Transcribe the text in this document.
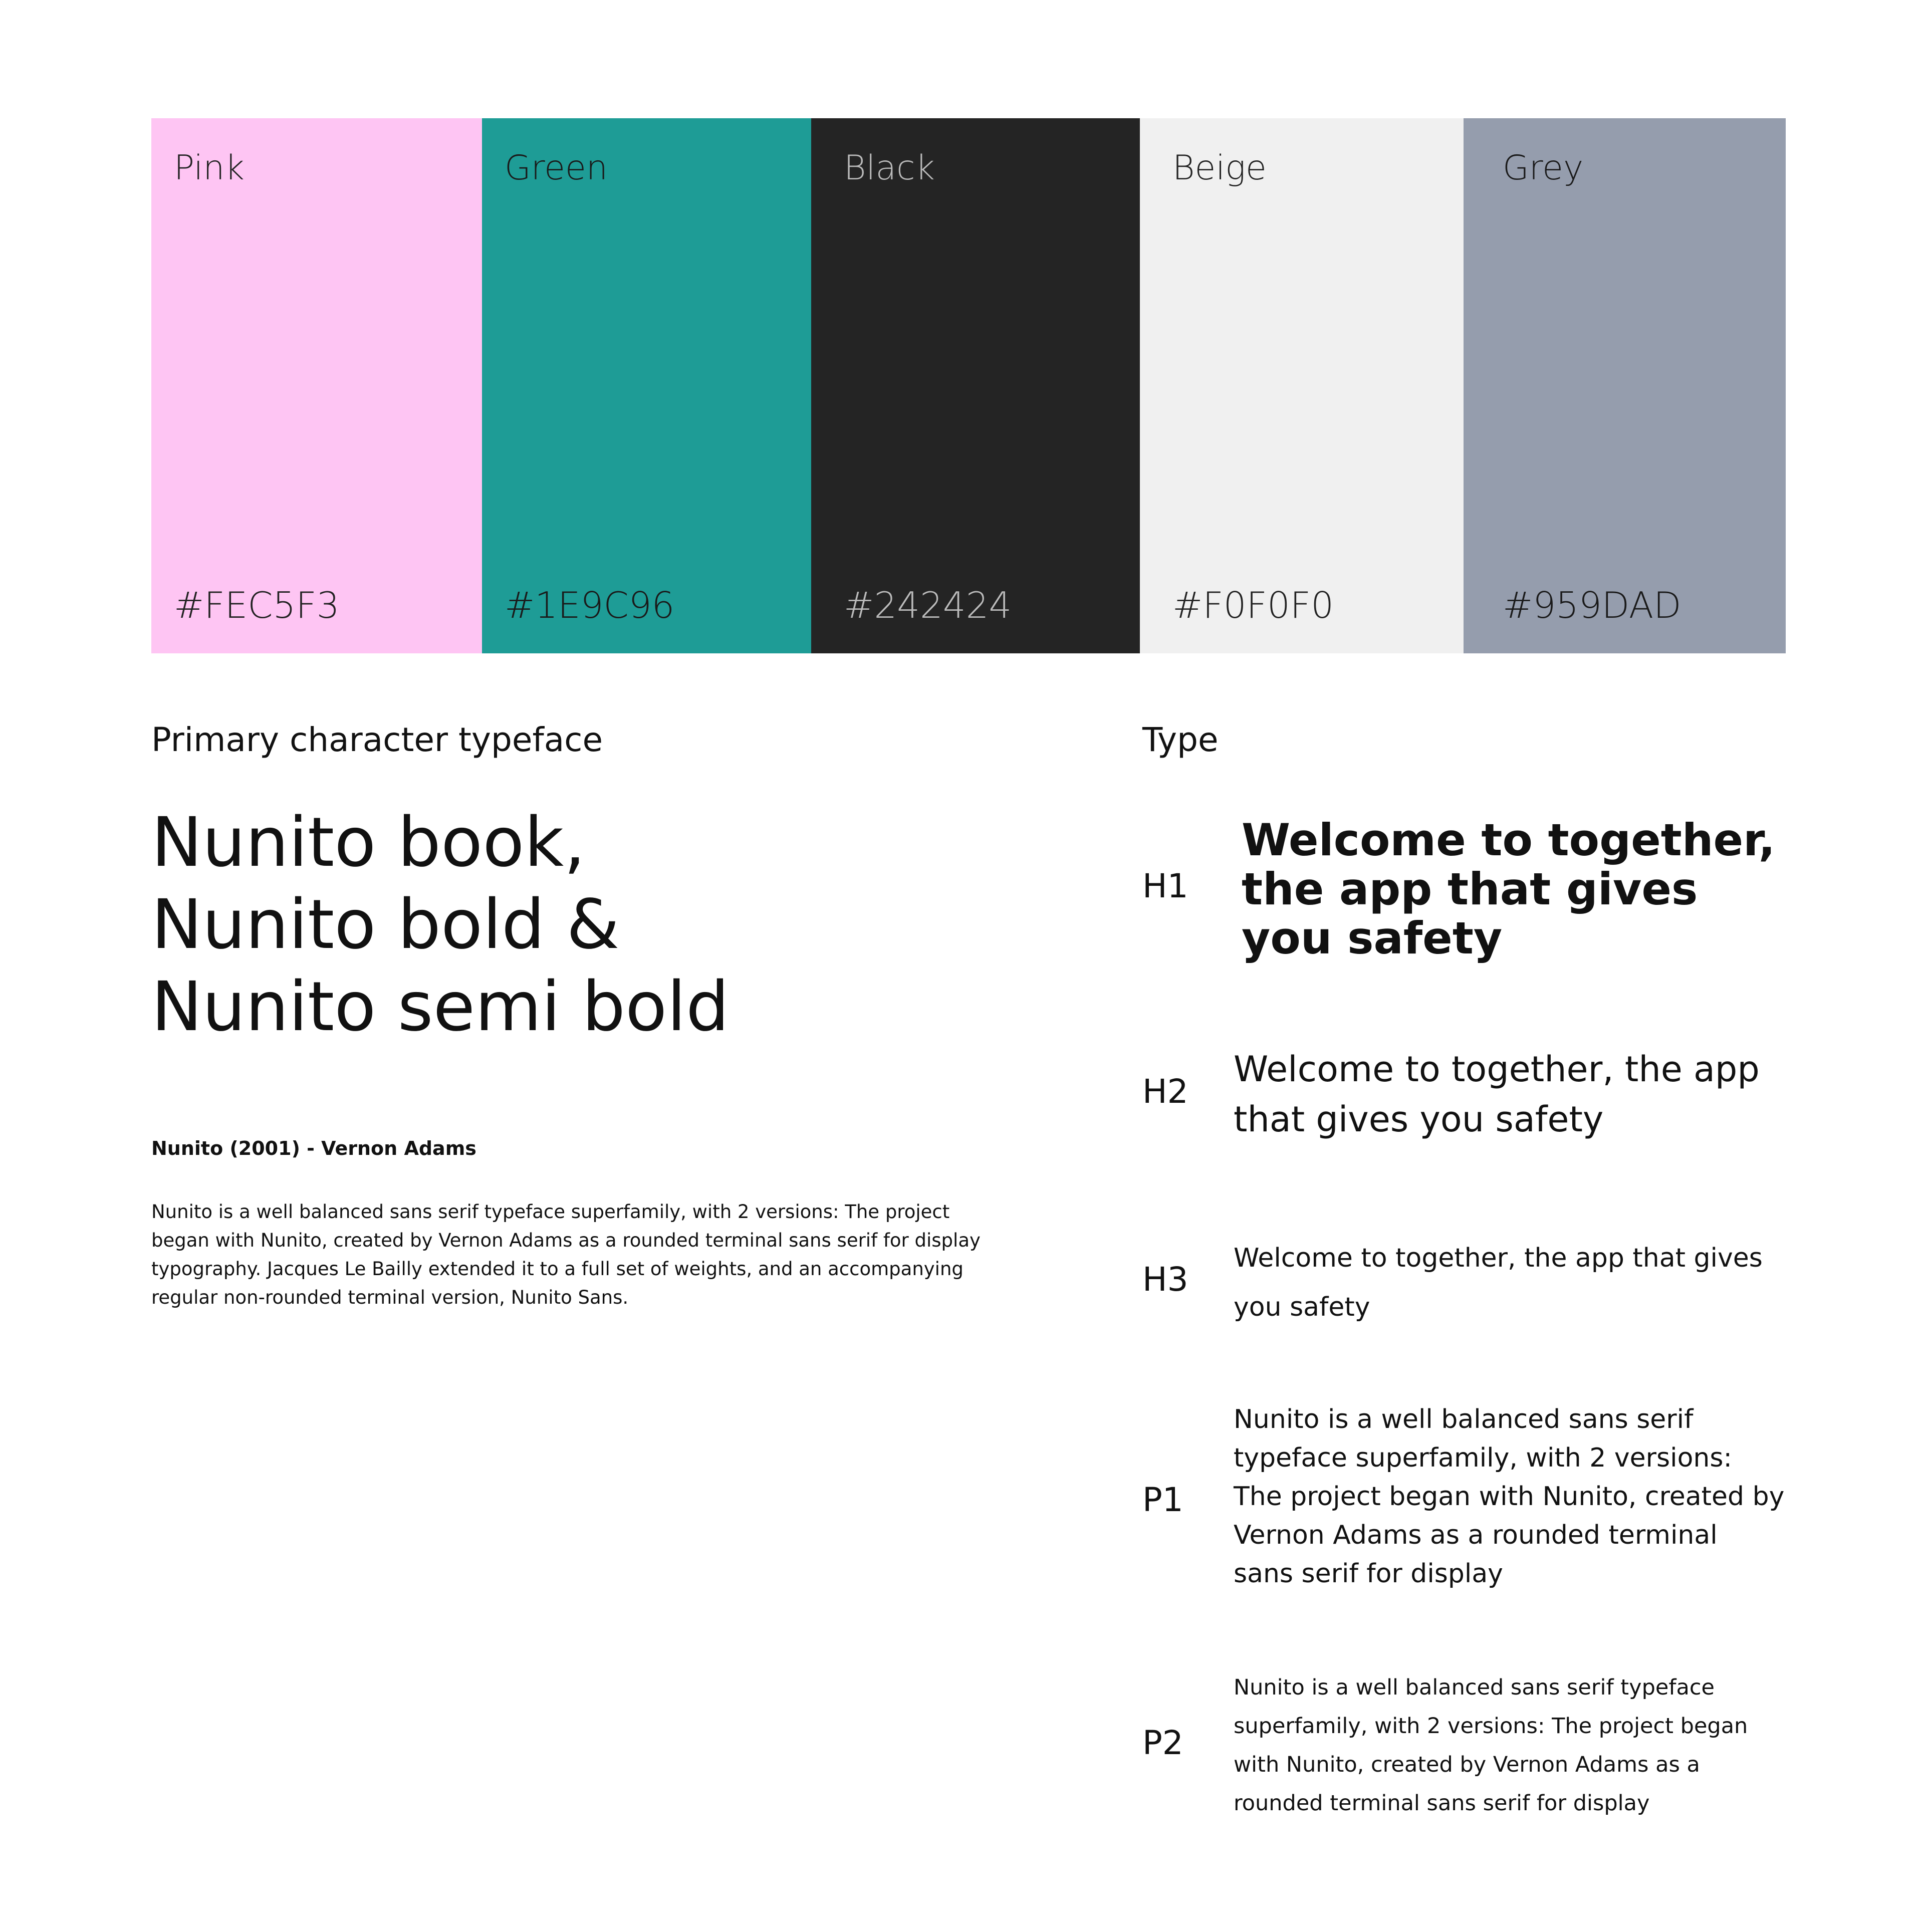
Pink
#FEC5F3
Green
#1E9C96
Black
#242424
Beige
#F0F0F0
Grey
#959DAD
Primary character typeface
Nunito book,
Nunito bold &
Nunito semi bold
Nunito (2001) - Vernon Adams
Nunito is a well balanced sans serif typeface superfamily, with 2 versions: The project began with Nunito, created by Vernon Adams as a rounded terminal sans serif for display typography. Jacques Le Bailly extended it to a full set of weights, and an accompanying regular non-rounded terminal version, Nunito Sans.
Type
H1
Welcome to together, the app that gives you safety
H2
Welcome to together, the app that gives you safety
H3
Welcome to together, the app that gives you safety
P1
Nunito is a well balanced sans serif typeface superfamily, with 2 versions: The project began with Nunito, created by Vernon Adams as a rounded terminal sans serif for display
P2
Nunito is a well balanced sans serif typeface superfamily, with 2 versions: The project began with Nunito, created by Vernon Adams as a rounded terminal sans serif for display
